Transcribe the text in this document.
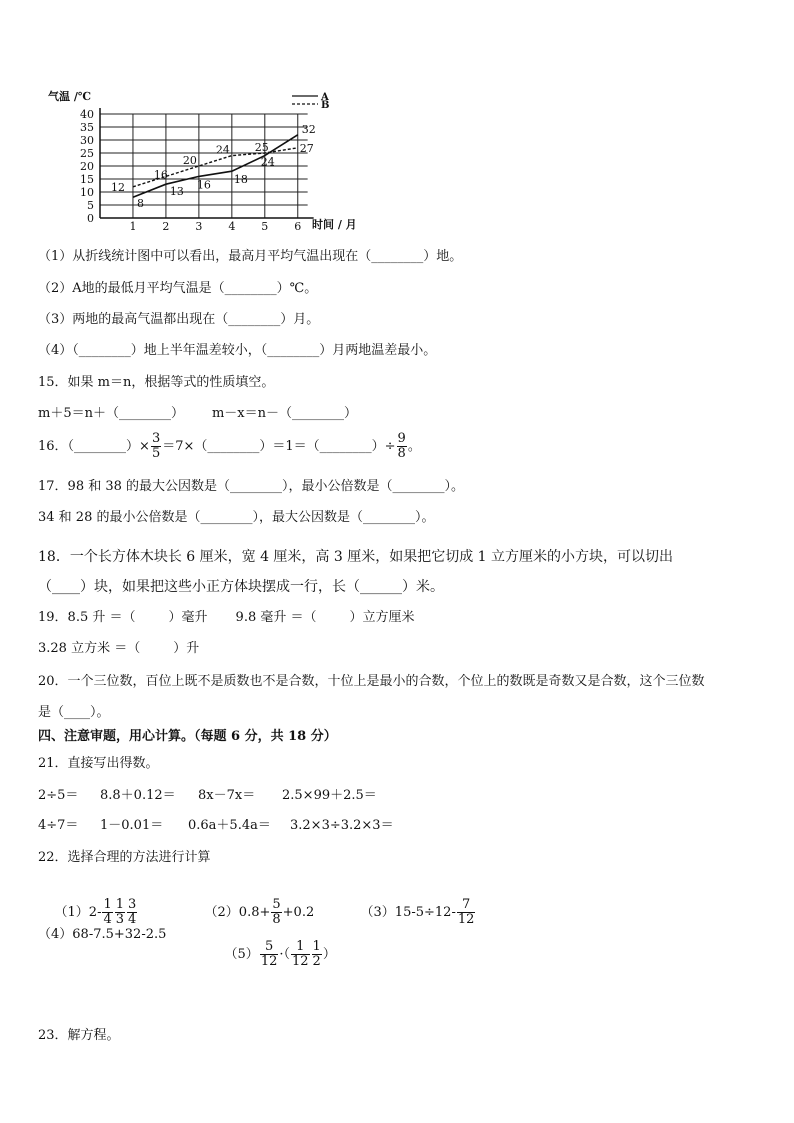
0
5
10
15
20
25
30
35
40
1 2 3 4 5 6
8
13
16 18
24
32
12
16
20
24 25	27
气温 /℃
时间 / 月
A
B
（1）从折线统计图中可以看出，最高月平均气温出现在（________）地。
（2）A地的最低月平均气温是（________）℃。
（3）两地的最高气温都出现在（________）月。
（4）（________）地上半年温差较小，（________）月两地温差最小。
15．如果 m＝n，根据等式的性质填空。
m＋5＝n＋（________） m－x＝n－（________）
16．（________）× $\frac{3}{5}$ ＝7×（________）＝1＝（________）÷ $\frac{9}{8}$ 。
17．98 和 38 的最大公因数是（________），最小公倍数是（________）。
34 和 28 的最小公倍数是（________），最大公因数是（________）。
18．一个长方体木块长 6 厘米，宽 4 厘米，高 3 厘米，如果把它切成 1 立方厘米的小方块，可以切出
（____）块，如果把这些小正方体块摆成一行，长（______）米。
19．8.5 升 ＝（        ）毫升 9.8 毫升 ＝（        ）立方厘米
3.28 立方米 ＝（        ）升
20．一个三位数，百位上既不是质数也不是合数，十位上是最小的合数，个位上的数既是奇数又是合数，这个三位数
是（____）。
四、注意审题，用心计算。（每题 6 分，共 18 分）
21．直接写出得数。
2÷5＝ 8.8＋0.12＝ 8x－7x＝ 2.5×99＋2.5＝
4÷7＝ 1－0.01＝ 0.6a＋5.4a＝ 3.2×3÷3.2×3＝
22．选择合理的方法进行计算

$(1)2- \frac{1}{4} \frac{1}{3} \frac{3}{4}$

	$(2)0.8+ \frac{5}{8} +0.2$
	$(3)15-5\div 12- \frac{7}{12}$

（4）68-7.5+32-2.5

$(5) \frac{5}{12}$ ·（ $\frac{1}{12} \frac{1}{2}$ ）

23．解方程。
